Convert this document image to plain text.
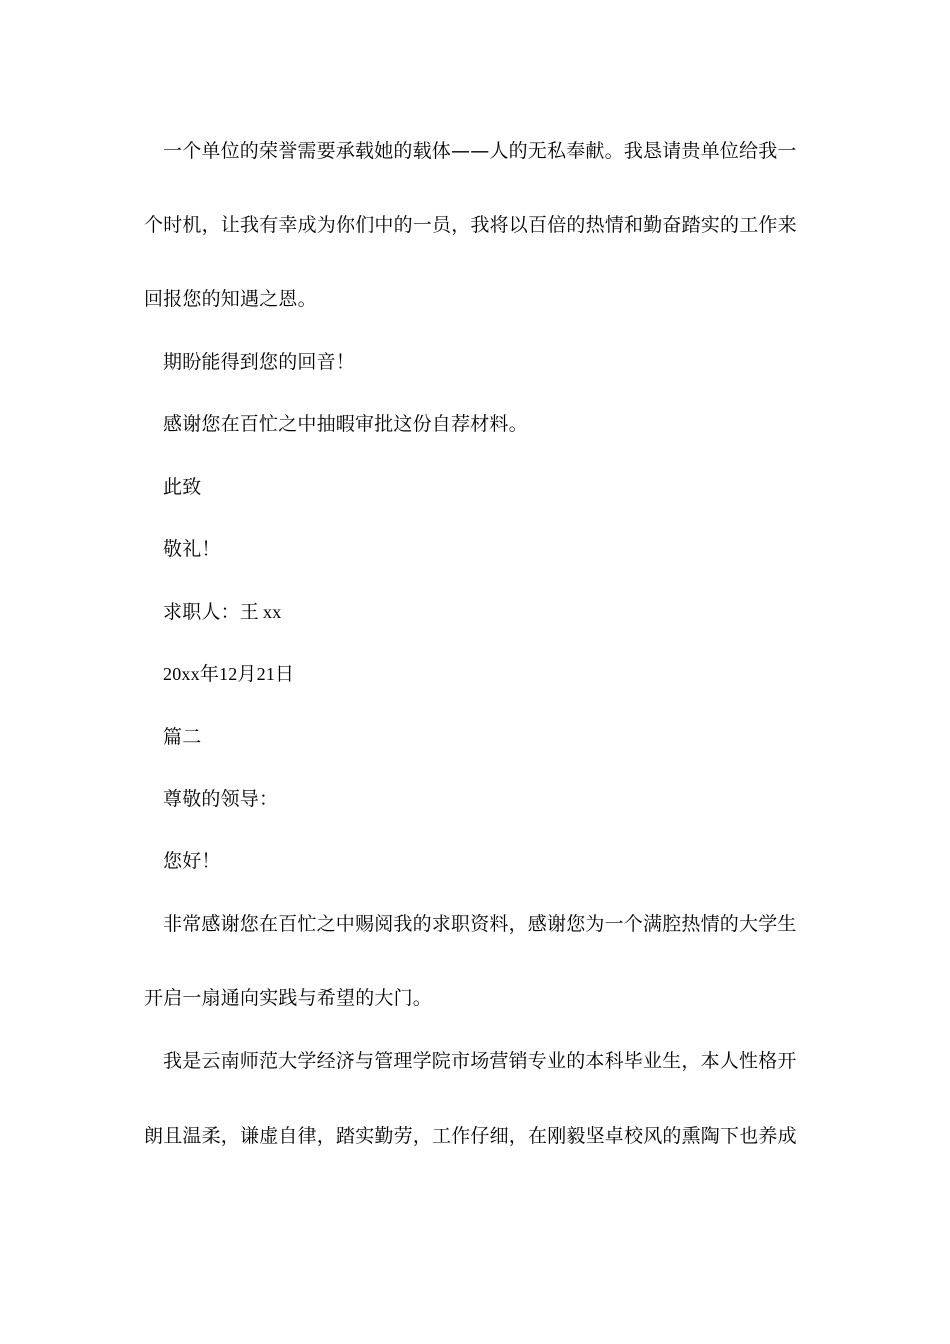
一个单位的荣誉需要承载她的载体——人的无私奉献。我恳请贵单位给我一

个时机，让我有幸成为你们中的一员，我将以百倍的热情和勤奋踏实的工作来

回报您的知遇之恩。

期盼能得到您的回音！

感谢您在百忙之中抽暇审批这份自荐材料。

此致

敬礼！

求职人：王 xx

20xx年12月21日

篇二

尊敬的领导：

您好！

非常感谢您在百忙之中赐阅我的求职资料，感谢您为一个满腔热情的大学生

开启一扇通向实践与希望的大门。

我是云南师范大学经济与管理学院市场营销专业的本科毕业生，本人性格开

朗且温柔，谦虚自律，踏实勤劳，工作仔细，在刚毅坚卓校风的熏陶下也养成
